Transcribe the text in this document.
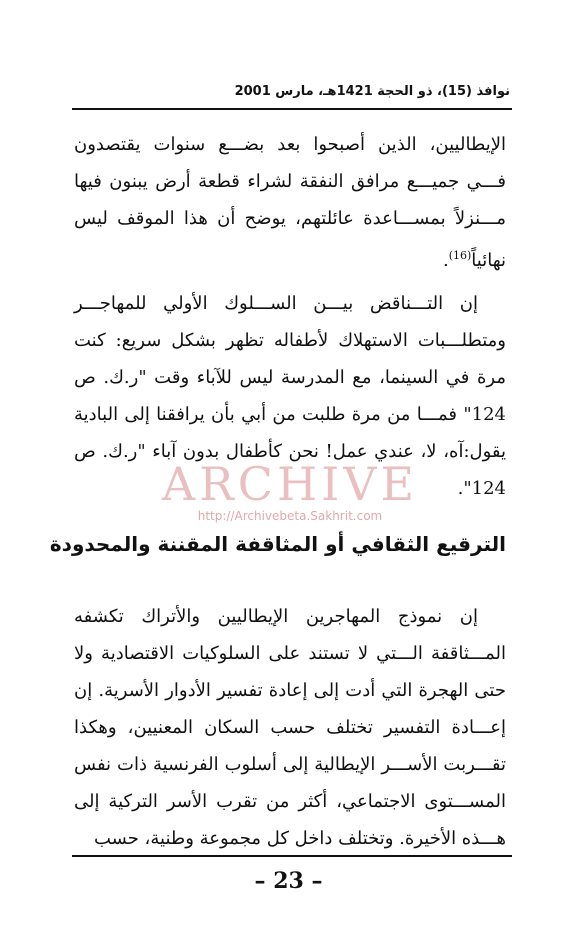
نوافذ (15)، ذو الحجة 1421هـ، مارس 2001

الإيطاليين، الذين أصبحوا بعد بضـــع سنوات يقتصدون فـــي جميـــع مرافق النفقة لشراء قطعة أرض يبنون فيها مـــنزلاً بمســـاعدة عائلتهم، يوضح أن هذا الموقف ليس نهائياً$^{(16)}$.

إن التـــناقض بيـــن الســـلوك الأولي للمهاجـــر ومتطلـــبات الاستهلاك لأطفاله تظهر بشكل سريع: كنت مرة في السينما، مع المدرسة ليس للآباء وقت "ر.ك. ص 124" فمـــا من مرة طلبت من أبي بأن يرافقنا إلى البادية يقول:آه، لا، عندي عمل! نحن كأطفال بدون آباء "ر.ك. ص 124".

ARCHIVE
http://Archivebeta.Sakhrit.com
الترقيع الثقافي أو المثاقفة المقننة والمحدودة

إن نموذج المهاجرين الإيطاليين والأتراك تكشفه المـــثاقفة الـــتي لا تستند على السلوكيات الاقتصادية ولا حتى الهجرة التي أدت إلى إعادة تفسير الأدوار الأسرية. إن إعـــادة التفسير تختلف حسب السكان المعنيين، وهكذا تقـــربت الأســـر الإيطالية إلى أسلوب الفرنسية ذات نفس المســـتوى الاجتماعي، أكثر من تقرب الأسر التركية إلى هـــذه الأخيرة. وتختلف داخل كل مجموعة وطنية، حسب

– 23 –
